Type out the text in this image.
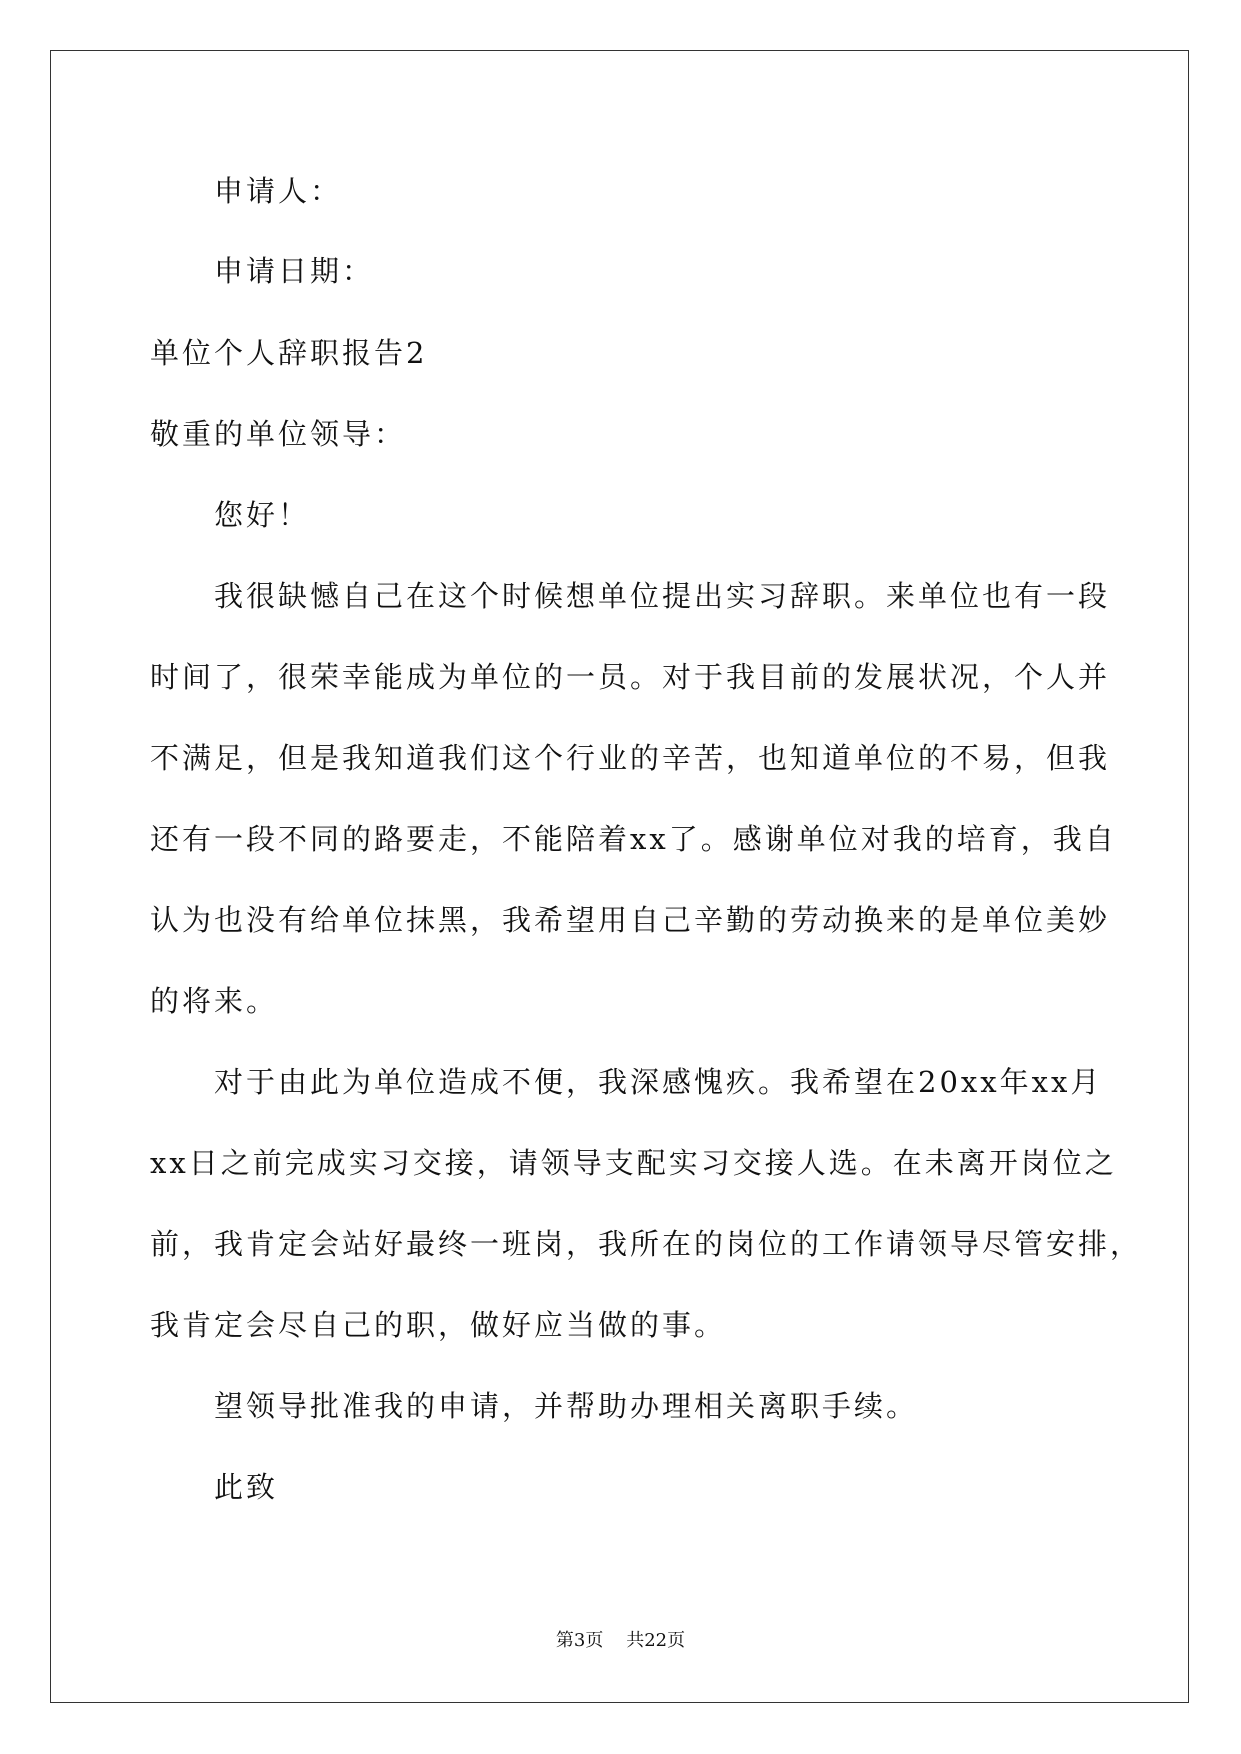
申请人：
申请日期：
单位个人辞职报告2
敬重的单位领导：
您好！
我很缺憾自己在这个时候想单位提出实习辞职。来单位也有一段
时间了，很荣幸能成为单位的一员。对于我目前的发展状况，个人并
不满足，但是我知道我们这个行业的辛苦，也知道单位的不易，但我
还有一段不同的路要走，不能陪着xx了。感谢单位对我的培育，我自
认为也没有给单位抹黑，我希望用自己辛勤的劳动换来的是单位美妙
的将来。
对于由此为单位造成不便，我深感愧疚。我希望在20xx年xx月
xx日之前完成实习交接，请领导支配实习交接人选。在未离开岗位之
前，我肯定会站好最终一班岗，我所在的岗位的工作请领导尽管安排，
我肯定会尽自己的职，做好应当做的事。
望领导批准我的申请，并帮助办理相关离职手续。
此致
第3页    共22页
